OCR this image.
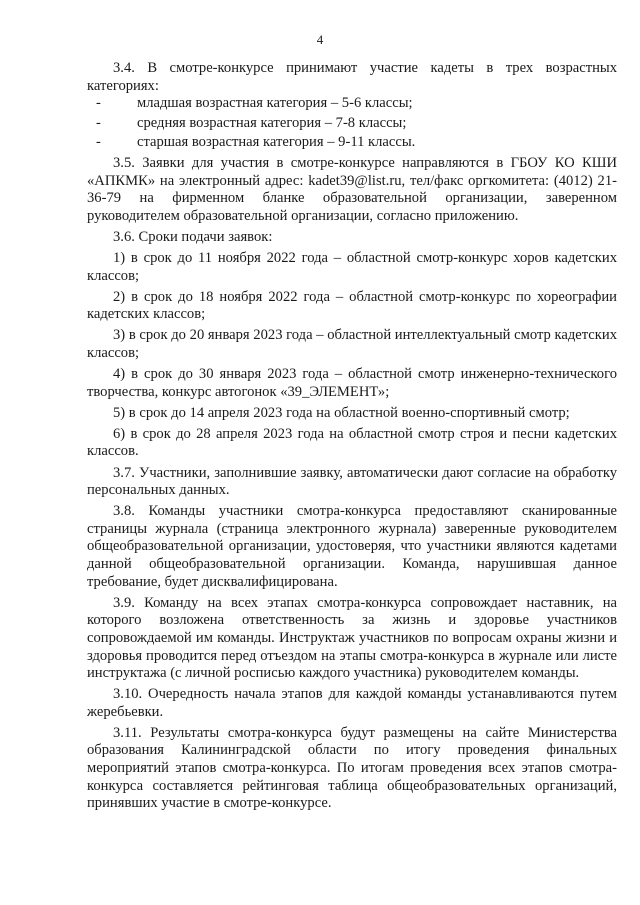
4

3.4. В смотре-конкурсе принимают участие кадеты в трех возрастных категориях:

-	младшая возрастная категория – 5-6 классы;
-	средняя возрастная категория – 7-8 классы;
-	старшая возрастная категория – 9-11 классы.

3.5. Заявки для участия в смотре-конкурсе направляются в ГБОУ КО КШИ «АПКМК» на электронный адрес: kadet39@list.ru, тел/факс оргкомитета: (4012) 21-36-79 на фирменном бланке образовательной организации, заверенном руководителем образовательной организации, согласно приложению.

3.6. Сроки подачи заявок:

1) в срок до 11 ноября 2022 года – областной смотр-конкурс хоров кадетских классов;

2) в срок до 18 ноября 2022 года – областной смотр-конкурс по хореографии кадетских классов;

3) в срок до 20 января 2023 года – областной интеллектуальный смотр кадетских классов;

4) в срок до 30 января 2023 года – областной смотр инженерно-технического творчества, конкурс автогонок «39_ЭЛЕМЕНТ»;

5) в срок до 14 апреля 2023 года на областной военно-спортивный смотр;

6) в срок до 28 апреля 2023 года на областной смотр строя и песни кадетских классов.

3.7. Участники, заполнившие заявку, автоматически дают согласие на обработку персональных данных.

3.8. Команды участники смотра-конкурса предоставляют сканированные страницы журнала (страница электронного журнала) заверенные руководителем общеобразовательной организации, удостоверяя, что участники являются кадетами данной общеобразовательной организации. Команда, нарушившая данное требование, будет дисквалифицирована.

3.9. Команду на всех этапах смотра-конкурса сопровождает наставник, на которого возложена ответственность за жизнь и здоровье участников сопровождаемой им команды. Инструктаж участников по вопросам охраны жизни и здоровья проводится перед отъездом на этапы смотра-конкурса в журнале или листе инструктажа (с личной росписью каждого участника) руководителем команды.

3.10. Очередность начала этапов для каждой команды устанавливаются путем жеребьевки.

3.11. Результаты смотра-конкурса будут размещены на сайте Министерства образования Калининградской области по итогу проведения финальных мероприятий этапов смотра-конкурса. По итогам проведения всех этапов смотра-конкурса составляется рейтинговая таблица общеобразовательных организаций, принявших участие в смотре-конкурсе.
